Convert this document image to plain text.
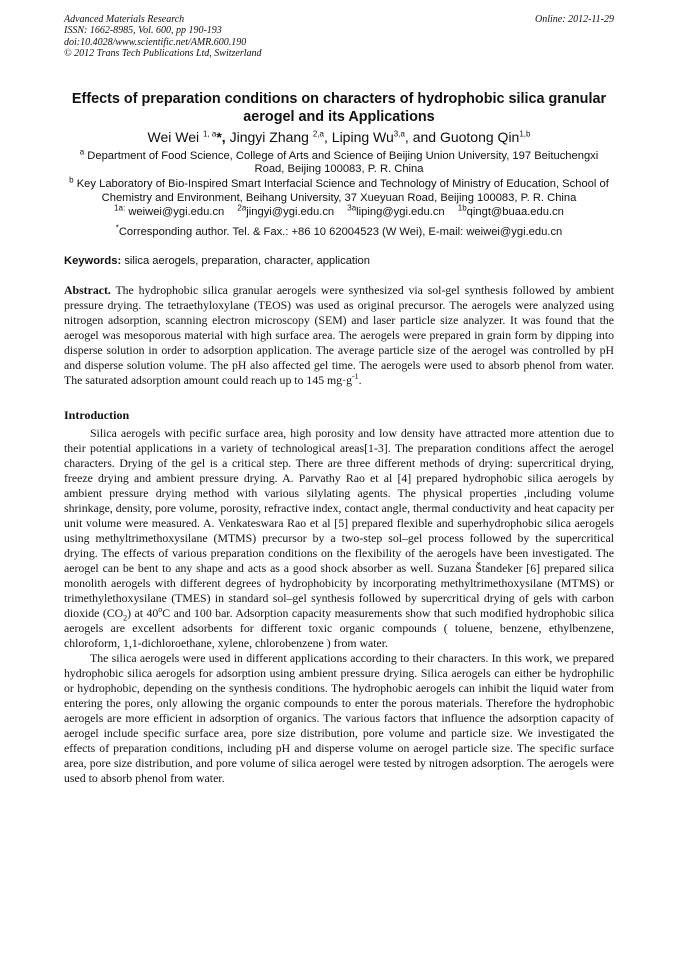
Advanced Materials Research
ISSN: 1662-8985, Vol. 600, pp 190-193
doi:10.4028/www.scientific.net/AMR.600.190
© 2012 Trans Tech Publications Ltd, Switzerland
Online: 2012-11-29
Effects of preparation conditions on characters of hydrophobic silica granular aerogel and its Applications
Wei Wei $^{1, a}$*, Jingyi Zhang $^{2,a}$, Liping Wu$^{3,a}$, and Guotong Qin$^{1,b}$
$^a$ Department of Food Science, College of Arts and Science of Beijing Union University, 197 Beituchengxi Road, Beijing 100083, P. R. China
$^b$ Key Laboratory of Bio-Inspired Smart Interfacial Science and Technology of Ministry of Education, School of Chemistry and Environment, Beihang University, 37 Xueyuan Road, Beijing 100083, P. R. China
$^{1a:}$ weiwei@ygi.edu.cn $^{2a}$jingyi@ygi.edu.cn $^{3a}$liping@ygi.edu.cn $^{1b}$qingt@buaa.edu.cn
*Corresponding author. Tel. & Fax.: +86 10 62004523 (W Wei), E-mail: weiwei@ygi.edu.cn
Keywords: silica aerogels, preparation, character, application
Abstract. The hydrophobic silica granular aerogels were synthesized via sol-gel synthesis followed by ambient pressure drying. The tetraethyloxylane (TEOS) was used as original precursor. The aerogels were analyzed using nitrogen adsorption, scanning electron microscopy (SEM) and laser particle size analyzer. It was found that the aerogel was mesoporous material with high surface area. The aerogels were prepared in grain form by dipping into disperse solution in order to adsorption application. The average particle size of the aerogel was controlled by pH and disperse solution volume. The pH also affected gel time. The aerogels were used to absorb phenol from water. The saturated adsorption amount could reach up to 145 $mg\cdot g^{-1}$.
Introduction

Silica aerogels with pecific surface area, high porosity and low density have attracted more attention due to their potential applications in a variety of technological areas[1-3]. The preparation conditions affect the aerogel characters. Drying of the gel is a critical step. There are three different methods of drying: supercritical drying, freeze drying and ambient pressure drying. A. Parvathy Rao et al [4] prepared hydrophobic silica aerogels by ambient pressure drying method with various silylating agents. The physical properties ,including volume shrinkage, density, pore volume, porosity, refractive index, contact angle, thermal conductivity and heat capacity per unit volume were measured. A. Venkateswara Rao et al [5] prepared flexible and superhydrophobic silica aerogels using methyltrimethoxysilane (MTMS) precursor by a two-step sol–gel process followed by the supercritical drying. The effects of various preparation conditions on the flexibility of the aerogels have been investigated. The aerogel can be bent to any shape and acts as a good shock absorber as well. Suzana Štandeker [6] prepared silica monolith aerogels with different degrees of hydrophobicity by incorporating methyltrimethoxysilane (MTMS) or trimethylethoxysilane (TMES) in standard sol–gel synthesis followed by supercritical drying of gels with carbon dioxide $(CO_2)$ at 40$^o$C and 100 bar. Adsorption capacity measurements show that such modified hydrophobic silica aerogels are excellent adsorbents for different toxic organic compounds ( toluene, benzene, ethylbenzene, chloroform, 1,1-dichloroethane, xylene, chlorobenzene ) from water.

The silica aerogels were used in different applications according to their characters. In this work, we prepared hydrophobic silica aerogels for adsorption using ambient pressure drying. Silica aerogels can either be hydrophilic or hydrophobic, depending on the synthesis conditions. The hydrophobic aerogels can inhibit the liquid water from entering the pores, only allowing the organic compounds to enter the porous materials. Therefore the hydrophobic aerogels are more efficient in adsorption of organics. The various factors that influence the adsorption capacity of aerogel include specific surface area, pore size distribution, pore volume and particle size. We investigated the effects of preparation conditions, including pH and disperse volume on aerogel particle size. The specific surface area, pore size distribution, and pore volume of silica aerogel were tested by nitrogen adsorption. The aerogels were used to absorb phenol from water.
